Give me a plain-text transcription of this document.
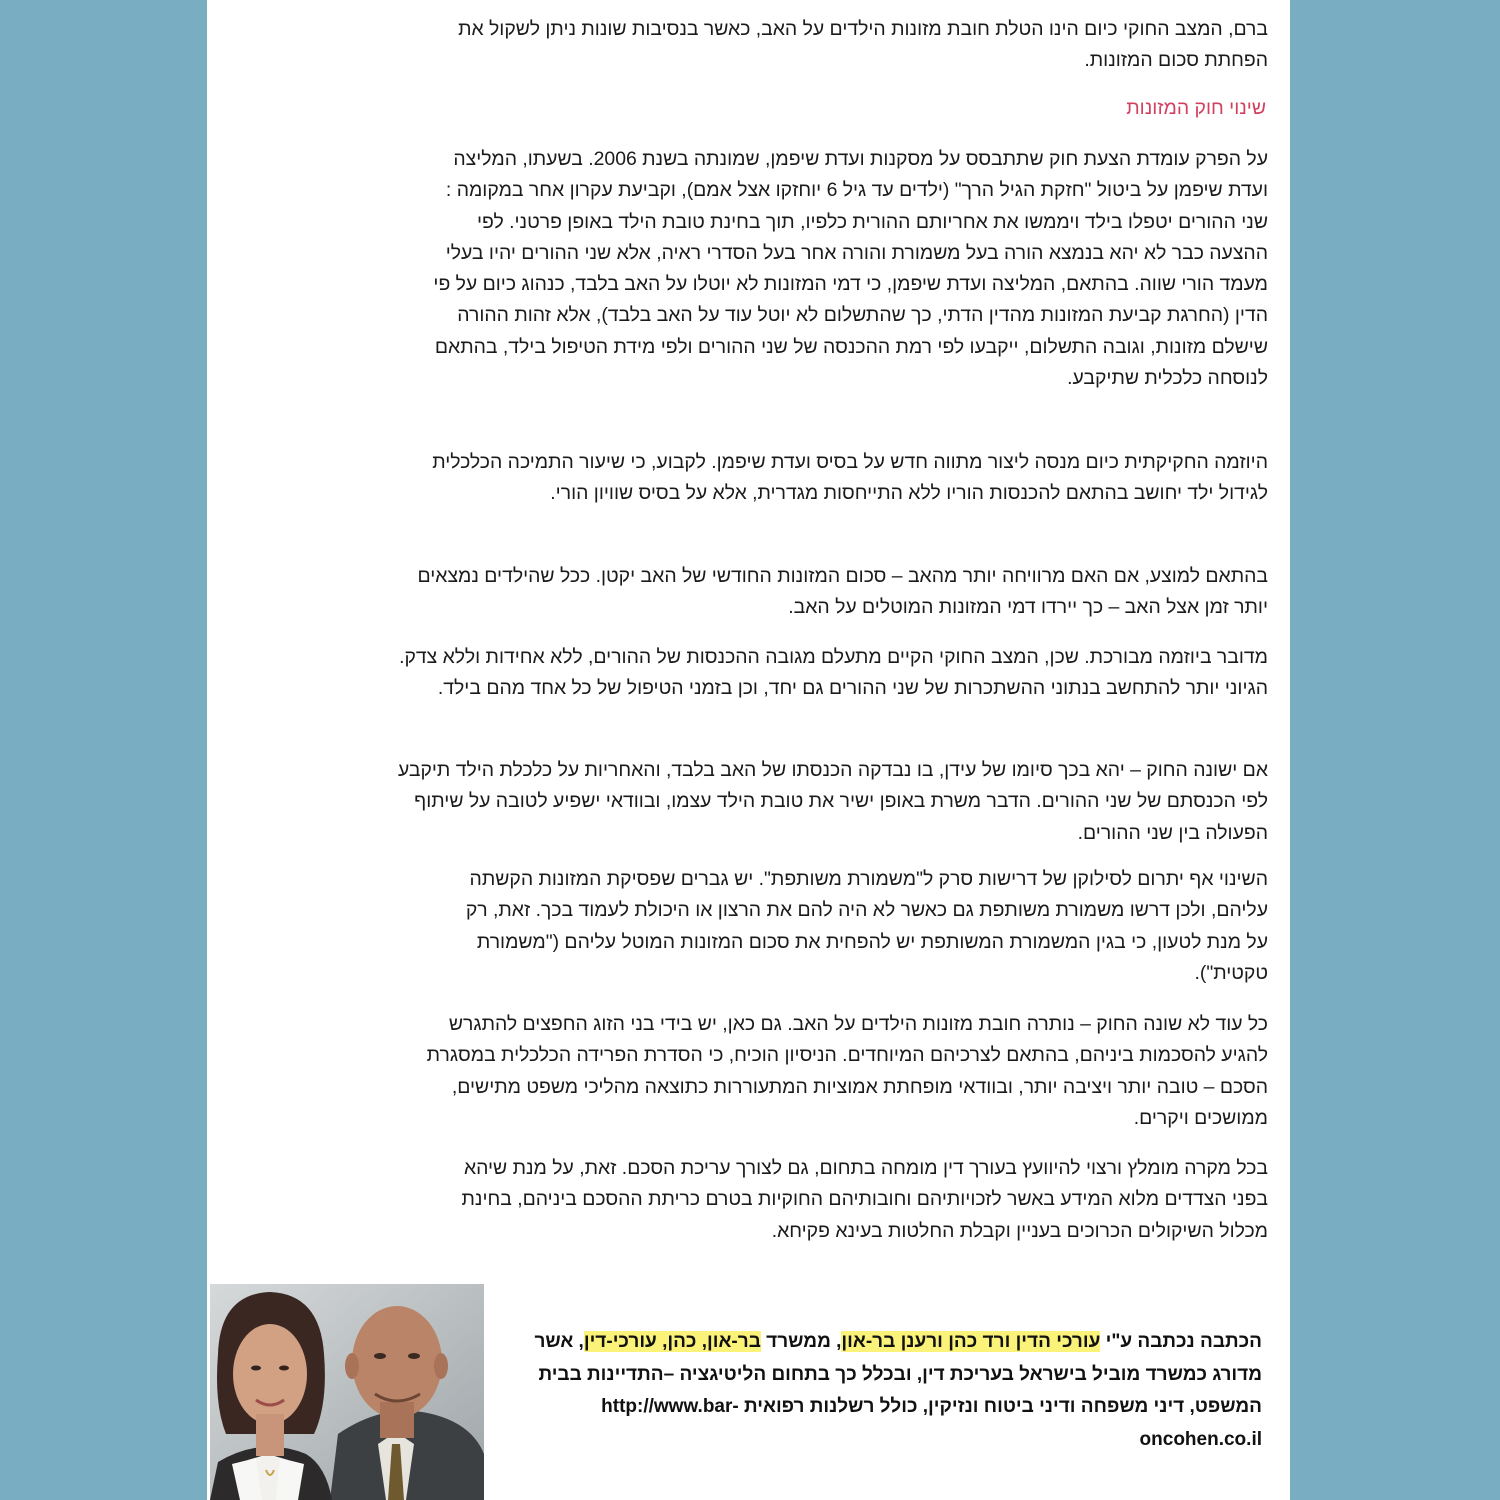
ברם, המצב החוקי כיום הינו הטלת חובת מזונות הילדים על האב, כאשר בנסיבות שונות ניתן לשקול את הפחתת סכום המזונות.

שינוי חוק המזונות

על הפרק עומדת הצעת חוק שתתבסס על מסקנות ועדת שיפמן, שמונתה בשנת 2006. בשעתו, המליצה ועדת שיפמן על ביטול "חזקת הגיל הרך" (ילדים עד גיל 6 יוחזקו אצל אמם), וקביעת עקרון אחר במקומה : שני ההורים יטפלו בילד ויממשו את אחריותם ההורית כלפיו, תוך בחינת טובת הילד באופן פרטני. לפי ההצעה כבר לא יהא בנמצא הורה בעל משמורת והורה אחר בעל הסדרי ראיה, אלא שני ההורים יהיו בעלי מעמד הורי שווה. בהתאם, המליצה ועדת שיפמן, כי דמי המזונות לא יוטלו על האב בלבד, כנהוג כיום על פי הדין (החרגת קביעת המזונות מהדין הדתי, כך שהתשלום לא יוטל עוד על האב בלבד), אלא זהות ההורה שישלם מזונות, וגובה התשלום, ייקבעו לפי רמת ההכנסה של שני ההורים ולפי מידת הטיפול בילד, בהתאם לנוסחה כלכלית שתיקבע.

היוזמה החקיקתית כיום מנסה ליצור מתווה חדש על בסיס ועדת שיפמן. לקבוע, כי שיעור התמיכה הכלכלית לגידול ילד יחושב בהתאם להכנסות הוריו ללא התייחסות מגדרית, אלא על בסיס שוויון הורי.

בהתאם למוצע, אם האם מרוויחה יותר מהאב – סכום המזונות החודשי של האב יקטן. ככל שהילדים נמצאים יותר זמן אצל האב – כך יירדו דמי המזונות המוטלים על האב.

מדובר ביוזמה מבורכת. שכן, המצב החוקי הקיים מתעלם מגובה ההכנסות של ההורים, ללא אחידות וללא צדק. הגיוני יותר להתחשב בנתוני ההשתכרות של שני ההורים גם יחד, וכן בזמני הטיפול של כל אחד מהם בילד.

אם ישונה החוק – יהא בכך סיומו של עידן, בו נבדקה הכנסתו של האב בלבד, והאחריות על כלכלת הילד תיקבע לפי הכנסתם של שני ההורים. הדבר משרת באופן ישיר את טובת הילד עצמו, ובוודאי ישפיע לטובה על שיתוף הפעולה בין שני ההורים.

השינוי אף יתרום לסילוקן של דרישות סרק ל"משמורת משותפת". יש גברים שפסיקת המזונות הקשתה עליהם, ולכן דרשו משמורת משותפת גם כאשר לא היה להם את הרצון או היכולת לעמוד בכך. זאת, רק על מנת לטעון, כי בגין המשמורת המשותפת יש להפחית את סכום המזונות המוטל עליהם ("משמורת טקטית").

כל עוד לא שונה החוק – נותרה חובת מזונות הילדים על האב. גם כאן, יש בידי בני הזוג החפצים להתגרש להגיע להסכמות ביניהם, בהתאם לצרכיהם המיוחדים. הניסיון הוכיח, כי הסדרת הפרידה הכלכלית במסגרת הסכם – טובה יותר ויציבה יותר, ובוודאי מופחתת אמוציות המתעוררות כתוצאה מהליכי משפט מתישים, ממושכים ויקרים.

בכל מקרה מומלץ ורצוי להיוועץ בעורך דין מומחה בתחום, גם לצורך עריכת הסכם. זאת, על מנת שיהא בפני הצדדים מלוא המידע באשר לזכויותיהם וחובותיהם החוקיות בטרם כריתת ההסכם ביניהם, בחינת מכלול השיקולים הכרוכים בעניין וקבלת החלטות בעינא פקיחא.

הכתבה נכתבה ע"י עורכי הדין ורד כהן ורענן בר-און, ממשרד בר-און, כהן, עורכי-דין, אשר מדורג כמשרד מוביל בישראל בעריכת דין, ובכלל כך בתחום הליטיגציה –התדיינות בבית המשפט, דיני משפחה ודיני ביטוח ונזיקין, כולל רשלנות רפואית http://www.bar-oncohen.co.il
